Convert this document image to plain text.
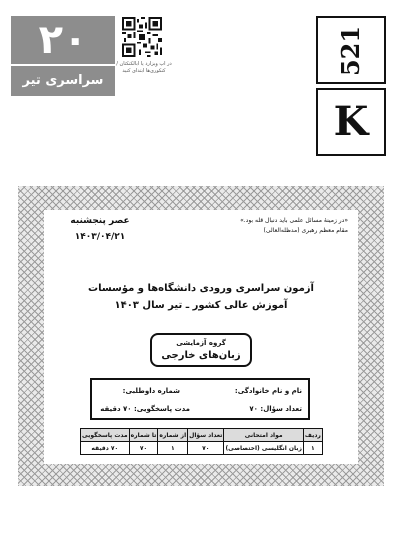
۲۰
سراسری تیر ۱۴۰۳
در اپ ویزارد یا ابالکنکتان / کنکوری‌ها ابتدای کنید	521
K
«در زمینهٔ مسائل علمی باید دنبال قله بود.»
مقام معظم رهبری (مدظله‌العالی)
عصر پنجشنبه
۱۴۰۳/۰۴/۲۱
آزمون سراسری ورودی دانشگاه‌ها و مؤسسات
آموزش عالی کشور ـ تیر سال ۱۴۰۳
گروه آزمایشی
زبان‌های خارجی
نام و نام خانوادگی:
شماره داوطلبی:
تعداد سؤال: ۷۰
مدت پاسخگویی: ۷۰ دقیقه
ردیف	مواد امتحانی	تعداد سؤال	از شماره	تا شماره	مدت پاسخگویی
۱	زبان انگلیسی (اختصاصی)	۷۰	۱	۷۰	۷۰ دقیقه
